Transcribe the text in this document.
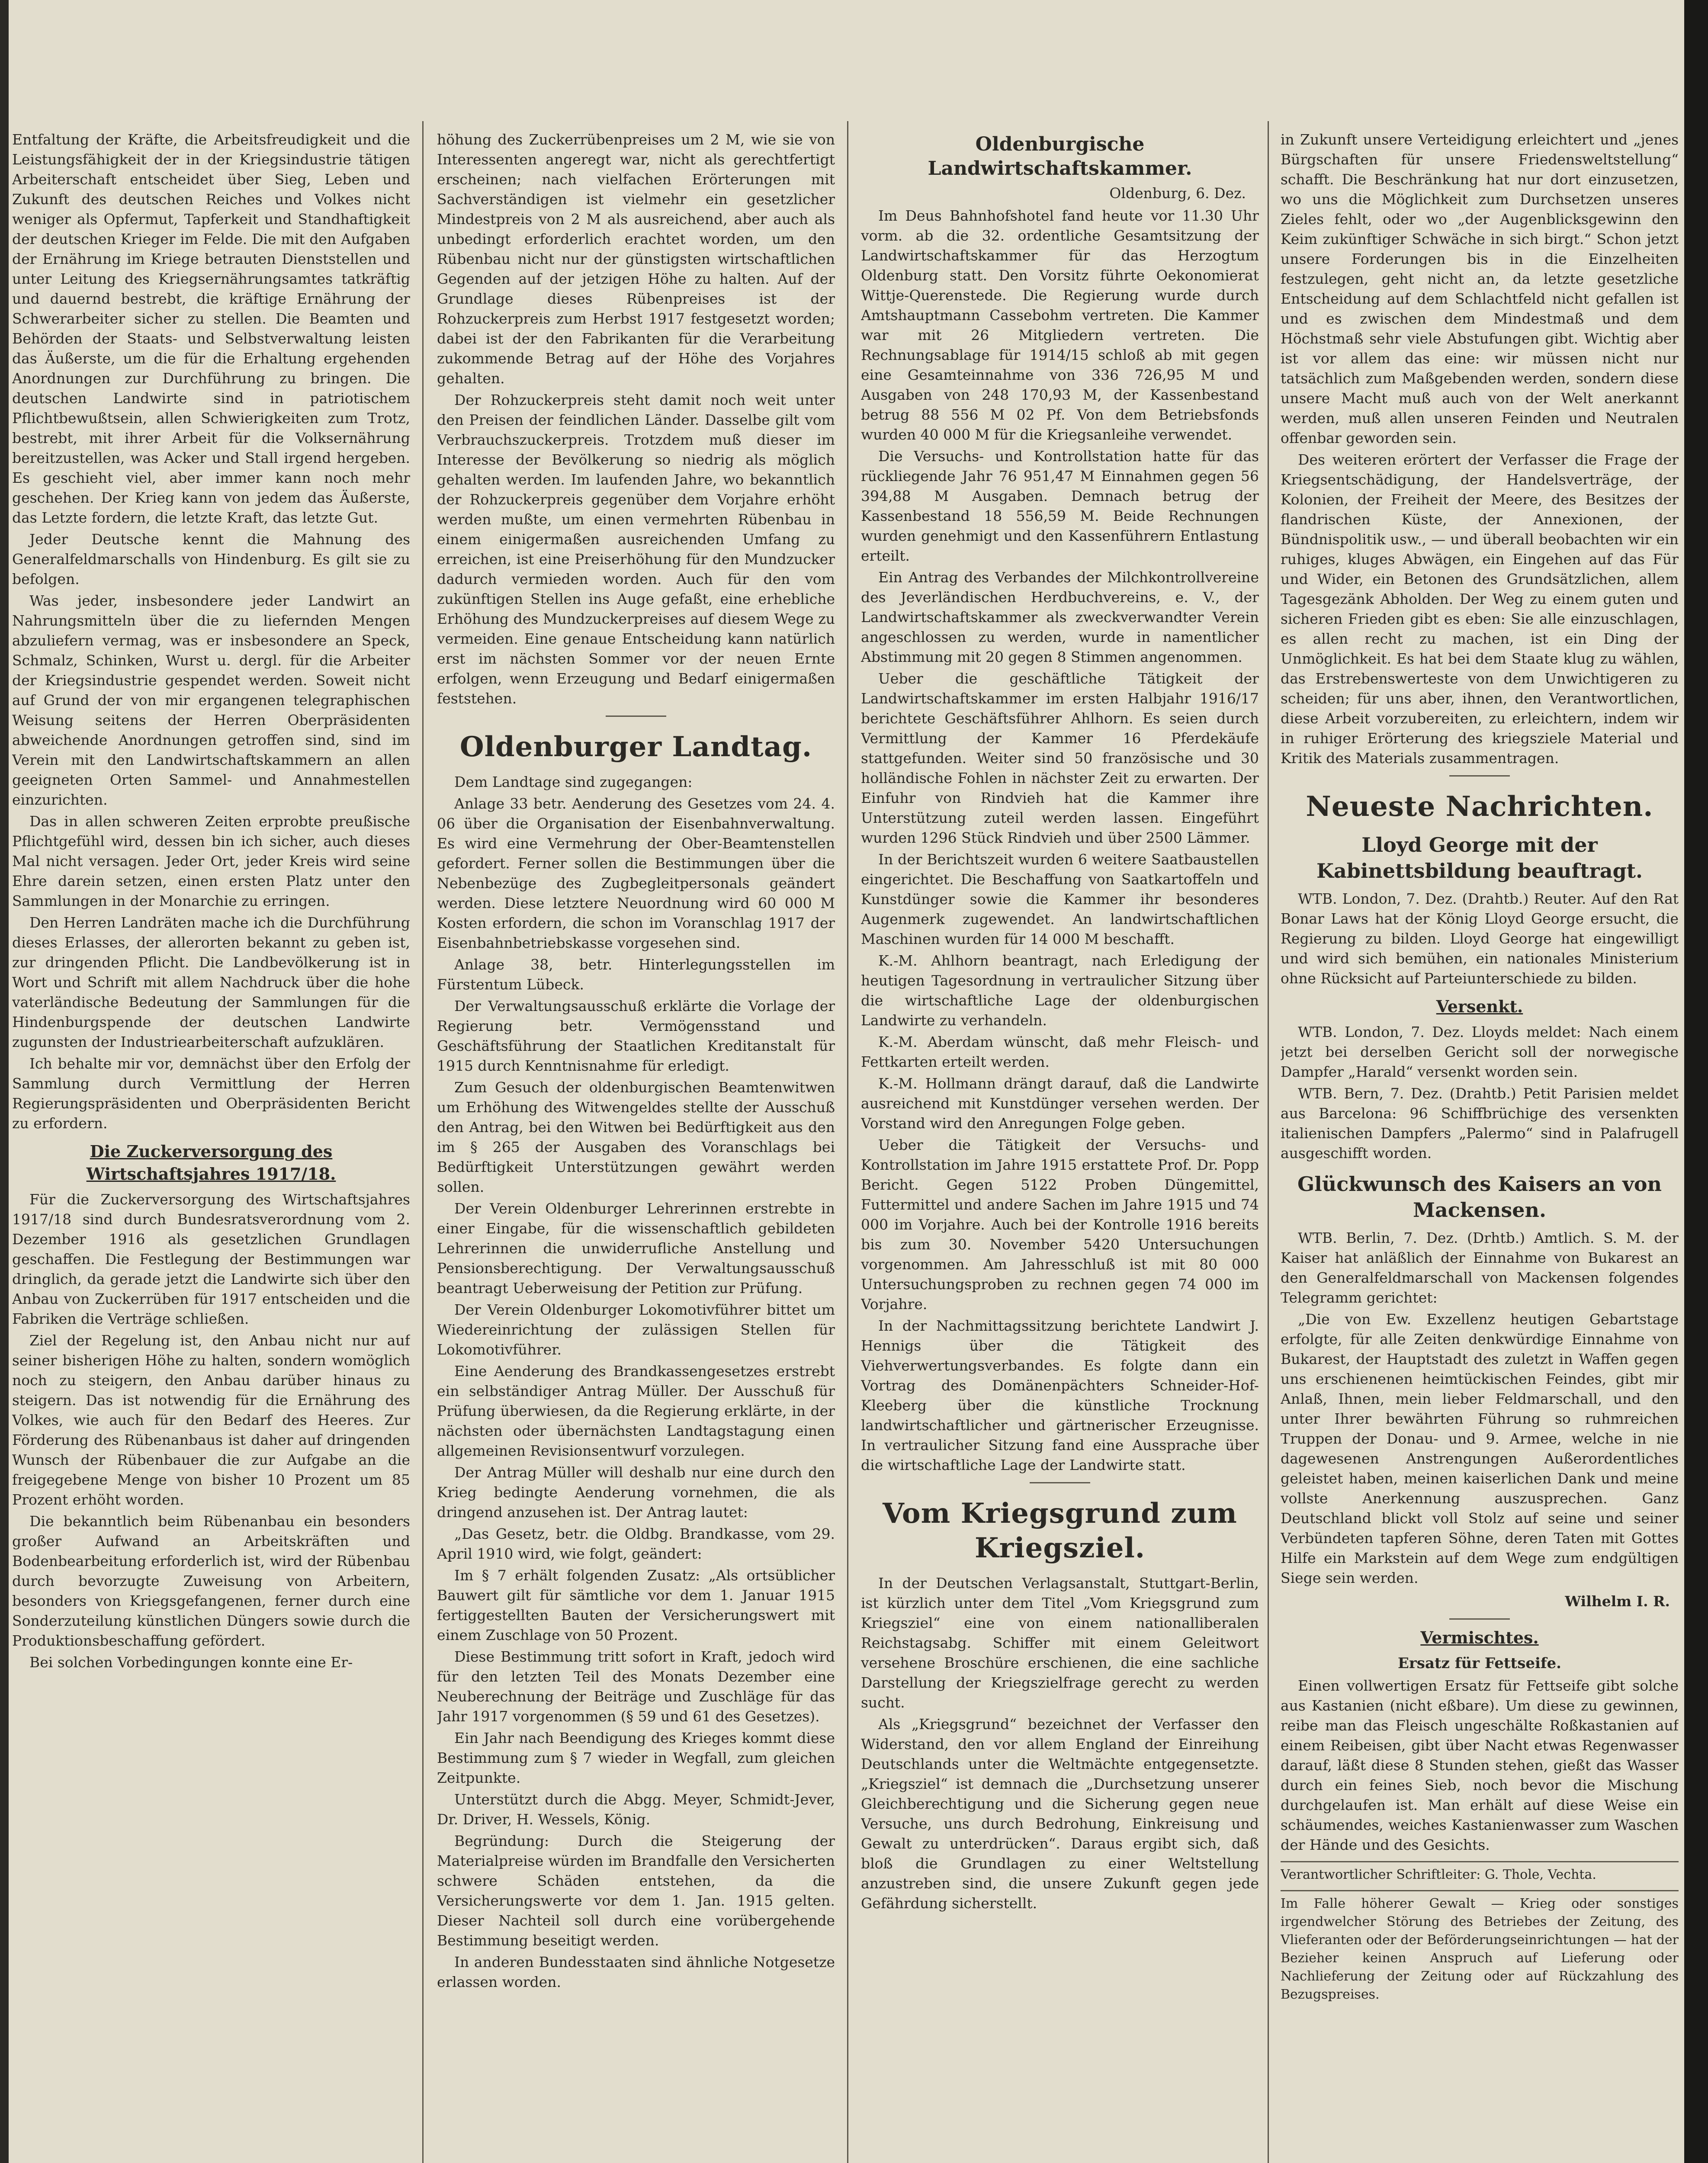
Entfaltung der Kräfte, die Arbeitsfreudigkeit und die Leistungsfähigkeit der in der Kriegsindustrie tätigen Arbeiterschaft entscheidet über Sieg, Leben und Zukunft des deutschen Reiches und Volkes nicht weniger als Opfermut, Tapferkeit und Standhaftigkeit der deutschen Krieger im Felde. Die mit den Aufgaben der Ernährung im Kriege betrauten Dienststellen und unter Leitung des Kriegsernährungsamtes tatkräftig und dauernd bestrebt, die kräftige Ernährung der Schwerarbeiter sicher zu stellen. Die Beamten und Behörden der Staats- und Selbstverwaltung leisten das Äußerste, um die für die Erhaltung ergehenden Anordnungen zur Durchführung zu bringen. Die deutschen Landwirte sind in patriotischem Pflichtbewußtsein, allen Schwierigkeiten zum Trotz, bestrebt, mit ihrer Arbeit für die Volksernährung bereitzustellen, was Acker und Stall irgend hergeben. Es geschieht viel, aber immer kann noch mehr geschehen. Der Krieg kann von jedem das Äußerste, das Letzte fordern, die letzte Kraft, das letzte Gut.

Jeder Deutsche kennt die Mahnung des Generalfeldmarschalls von Hindenburg. Es gilt sie zu befolgen.

Was jeder, insbesondere jeder Landwirt an Nahrungsmitteln über die zu liefernden Mengen abzuliefern vermag, was er insbesondere an Speck, Schmalz, Schinken, Wurst u. dergl. für die Arbeiter der Kriegsindustrie gespendet werden. Soweit nicht auf Grund der von mir ergangenen telegraphischen Weisung seitens der Herren Oberpräsidenten abweichende Anordnungen getroffen sind, sind im Verein mit den Landwirtschaftskammern an allen geeigneten Orten Sammel- und Annahmestellen einzurichten.

Das in allen schweren Zeiten erprobte preußische Pflichtgefühl wird, dessen bin ich sicher, auch dieses Mal nicht versagen. Jeder Ort, jeder Kreis wird seine Ehre darein setzen, einen ersten Platz unter den Sammlungen in der Monarchie zu erringen.

Den Herren Landräten mache ich die Durchführung dieses Erlasses, der allerorten bekannt zu geben ist, zur dringenden Pflicht. Die Landbevölkerung ist in Wort und Schrift mit allem Nachdruck über die hohe vaterländische Bedeutung der Sammlungen für die Hindenburgspende der deutschen Landwirte zugunsten der Industriearbeiterschaft aufzuklären.

Ich behalte mir vor, demnächst über den Erfolg der Sammlung durch Vermittlung der Herren Regierungspräsidenten und Oberpräsidenten Bericht zu erfordern.

Die Zuckerversorgung des Wirtschaftsjahres 1917/18.

Für die Zuckerversorgung des Wirtschaftsjahres 1917/18 sind durch Bundesratsverordnung vom 2. Dezember 1916 als gesetzlichen Grundlagen geschaffen. Die Festlegung der Bestimmungen war dringlich, da gerade jetzt die Landwirte sich über den Anbau von Zuckerrüben für 1917 entscheiden und die Fabriken die Verträge schließen.

Ziel der Regelung ist, den Anbau nicht nur auf seiner bisherigen Höhe zu halten, sondern womöglich noch zu steigern, den Anbau darüber hinaus zu steigern. Das ist notwendig für die Ernährung des Volkes, wie auch für den Bedarf des Heeres. Zur Förderung des Rübenanbaus ist daher auf dringenden Wunsch der Rübenbauer die zur Aufgabe an die freigegebene Menge von bisher 10 Prozent um 85 Prozent erhöht worden.

Die bekanntlich beim Rübenanbau ein besonders großer Aufwand an Arbeitskräften und Bodenbearbeitung erforderlich ist, wird der Rübenbau durch bevorzugte Zuweisung von Arbeitern, besonders von Kriegsgefangenen, ferner durch eine Sonderzuteilung künstlichen Düngers sowie durch die Produktionsbeschaffung gefördert.

Bei solchen Vorbedingungen konnte eine Er-

höhung des Zuckerrübenpreises um 2 M, wie sie von Interessenten angeregt war, nicht als gerechtfertigt erscheinen; nach vielfachen Erörterungen mit Sachverständigen ist vielmehr ein gesetzlicher Mindestpreis von 2 M als ausreichend, aber auch als unbedingt erforderlich erachtet worden, um den Rübenbau nicht nur der günstigsten wirtschaftlichen Gegenden auf der jetzigen Höhe zu halten. Auf der Grundlage dieses Rübenpreises ist der Rohzuckerpreis zum Herbst 1917 festgesetzt worden; dabei ist der den Fabrikanten für die Verarbeitung zukommende Betrag auf der Höhe des Vorjahres gehalten.

Der Rohzuckerpreis steht damit noch weit unter den Preisen der feindlichen Länder. Dasselbe gilt vom Verbrauchszuckerpreis. Trotzdem muß dieser im Interesse der Bevölkerung so niedrig als möglich gehalten werden. Im laufenden Jahre, wo bekanntlich der Rohzuckerpreis gegenüber dem Vorjahre erhöht werden mußte, um einen vermehrten Rübenbau in einem einigermaßen ausreichenden Umfang zu erreichen, ist eine Preiserhöhung für den Mundzucker dadurch vermieden worden. Auch für den vom zukünftigen Stellen ins Auge gefaßt, eine erhebliche Erhöhung des Mundzuckerpreises auf diesem Wege zu vermeiden. Eine genaue Entscheidung kann natürlich erst im nächsten Sommer vor der neuen Ernte erfolgen, wenn Erzeugung und Bedarf einigermaßen feststehen.

Oldenburger Landtag.

Dem Landtage sind zugegangen:

Anlage 33 betr. Aenderung des Gesetzes vom 24. 4. 06 über die Organisation der Eisenbahnverwaltung. Es wird eine Vermehrung der Ober-Beamtenstellen gefordert. Ferner sollen die Bestimmungen über die Nebenbezüge des Zugbegleitpersonals geändert werden. Diese letztere Neuordnung wird 60 000 M Kosten erfordern, die schon im Voranschlag 1917 der Eisenbahnbetriebskasse vorgesehen sind.

Anlage 38, betr. Hinterlegungsstellen im Fürstentum Lübeck.

Der Verwaltungsausschuß erklärte die Vorlage der Regierung betr. Vermögensstand und Geschäftsführung der Staatlichen Kreditanstalt für 1915 durch Kenntnisnahme für erledigt.

Zum Gesuch der oldenburgischen Beamtenwitwen um Erhöhung des Witwengeldes stellte der Ausschuß den Antrag, bei den Witwen bei Bedürftigkeit aus den im § 265 der Ausgaben des Voranschlags bei Bedürftigkeit Unterstützungen gewährt werden sollen.

Der Verein Oldenburger Lehrerinnen erstrebte in einer Eingabe, für die wissenschaftlich gebildeten Lehrerinnen die unwiderrufliche Anstellung und Pensionsberechtigung. Der Verwaltungsausschuß beantragt Ueberweisung der Petition zur Prüfung.

Der Verein Oldenburger Lokomotivführer bittet um Wiedereinrichtung der zulässigen Stellen für Lokomotivführer.

Eine Aenderung des Brandkassengesetzes erstrebt ein selbständiger Antrag Müller. Der Ausschuß für Prüfung überwiesen, da die Regierung erklärte, in der nächsten oder übernächsten Landtagstagung einen allgemeinen Revisionsentwurf vorzulegen.

Der Antrag Müller will deshalb nur eine durch den Krieg bedingte Aenderung vornehmen, die als dringend anzusehen ist. Der Antrag lautet:

„Das Gesetz, betr. die Oldbg. Brandkasse, vom 29. April 1910 wird, wie folgt, geändert:

Im § 7 erhält folgenden Zusatz: „Als ortsüblicher Bauwert gilt für sämtliche vor dem 1. Januar 1915 fertiggestellten Bauten der Versicherungswert mit einem Zuschlage von 50 Prozent.

Diese Bestimmung tritt sofort in Kraft, jedoch wird für den letzten Teil des Monats Dezember eine Neuberechnung der Beiträge und Zuschläge für das Jahr 1917 vorgenommen (§ 59 und 61 des Gesetzes).

Ein Jahr nach Beendigung des Krieges kommt diese Bestimmung zum § 7 wieder in Wegfall, zum gleichen Zeitpunkte.

Unterstützt durch die Abgg. Meyer, Schmidt-Jever, Dr. Driver, H. Wessels, König.

Begründung: Durch die Steigerung der Materialpreise würden im Brandfalle den Versicherten schwere Schäden entstehen, da die Versicherungswerte vor dem 1. Jan. 1915 gelten. Dieser Nachteil soll durch eine vorübergehende Bestimmung beseitigt werden.

In anderen Bundesstaaten sind ähnliche Notgesetze erlassen worden.

Oldenburgische Landwirtschaftskammer.
Oldenburg, 6. Dez.

Im Deus Bahnhofshotel fand heute vor 11.30 Uhr vorm. ab die 32. ordentliche Gesamtsitzung der Landwirtschaftskammer für das Herzogtum Oldenburg statt. Den Vorsitz führte Oekonomierat Wittje-Querenstede. Die Regierung wurde durch Amtshauptmann Cassebohm vertreten. Die Kammer war mit 26 Mitgliedern vertreten. Die Rechnungsablage für 1914/15 schloß ab mit gegen eine Gesamteinnahme von 336 726,95 M und Ausgaben von 248 170,93 M, der Kassenbestand betrug 88 556 M 02 Pf. Von dem Betriebsfonds wurden 40 000 M für die Kriegsanleihe verwendet.

Die Versuchs- und Kontrollstation hatte für das rückliegende Jahr 76 951,47 M Einnahmen gegen 56 394,88 M Ausgaben. Demnach betrug der Kassenbestand 18 556,59 M. Beide Rechnungen wurden genehmigt und den Kassenführern Entlastung erteilt.

Ein Antrag des Verbandes der Milchkontrollvereine des Jeverländischen Herdbuchvereins, e. V., der Landwirtschaftskammer als zweckverwandter Verein angeschlossen zu werden, wurde in namentlicher Abstimmung mit 20 gegen 8 Stimmen angenommen.

Ueber die geschäftliche Tätigkeit der Landwirtschaftskammer im ersten Halbjahr 1916/17 berichtete Geschäftsführer Ahlhorn. Es seien durch Vermittlung der Kammer 16 Pferdekäufe stattgefunden. Weiter sind 50 französische und 30 holländische Fohlen in nächster Zeit zu erwarten. Der Einfuhr von Rindvieh hat die Kammer ihre Unterstützung zuteil werden lassen. Eingeführt wurden 1296 Stück Rindvieh und über 2500 Lämmer.

In der Berichtszeit wurden 6 weitere Saatbaustellen eingerichtet. Die Beschaffung von Saatkartoffeln und Kunstdünger sowie die Kammer ihr besonderes Augenmerk zugewendet. An landwirtschaftlichen Maschinen wurden für 14 000 M beschafft.

K.-M. Ahlhorn beantragt, nach Erledigung der heutigen Tagesordnung in vertraulicher Sitzung über die wirtschaftliche Lage der oldenburgischen Landwirte zu verhandeln.

K.-M. Aberdam wünscht, daß mehr Fleisch- und Fettkarten erteilt werden.

K.-M. Hollmann drängt darauf, daß die Landwirte ausreichend mit Kunstdünger versehen werden. Der Vorstand wird den Anregungen Folge geben.

Ueber die Tätigkeit der Versuchs- und Kontrollstation im Jahre 1915 erstattete Prof. Dr. Popp Bericht. Gegen 5122 Proben Düngemittel, Futtermittel und andere Sachen im Jahre 1915 und 74 000 im Vorjahre. Auch bei der Kontrolle 1916 bereits bis zum 30. November 5420 Untersuchungen vorgenommen. Am Jahresschluß ist mit 80 000 Untersuchungsproben zu rechnen gegen 74 000 im Vorjahre.

In der Nachmittagssitzung berichtete Landwirt J. Hennigs über die Tätigkeit des Viehverwertungsverbandes. Es folgte dann ein Vortrag des Domänenpächters Schneider-Hof-Kleeberg über die künstliche Trocknung landwirtschaftlicher und gärtnerischer Erzeugnisse. In vertraulicher Sitzung fand eine Aussprache über die wirtschaftliche Lage der Landwirte statt.

Vom Kriegsgrund zum Kriegsziel.

In der Deutschen Verlagsanstalt, Stuttgart-Berlin, ist kürzlich unter dem Titel „Vom Kriegsgrund zum Kriegsziel“ eine von einem nationalliberalen Reichstagsabg. Schiffer mit einem Geleitwort versehene Broschüre erschienen, die eine sachliche Darstellung der Kriegszielfrage gerecht zu werden sucht.

Als „Kriegsgrund“ bezeichnet der Verfasser den Widerstand, den vor allem England der Einreihung Deutschlands unter die Weltmächte entgegensetzte. „Kriegsziel“ ist demnach die „Durchsetzung unserer Gleichberechtigung und die Sicherung gegen neue Versuche, uns durch Bedrohung, Einkreisung und Gewalt zu unterdrücken“. Daraus ergibt sich, daß bloß die Grundlagen zu einer Weltstellung anzustreben sind, die unsere Zukunft gegen jede Gefährdung sicherstellt.

in Zukunft unsere Verteidigung erleichtert und „jenes Bürgschaften für unsere Friedensweltstellung“ schafft. Die Beschränkung hat nur dort einzusetzen, wo uns die Möglichkeit zum Durchsetzen unseres Zieles fehlt, oder wo „der Augenblicksgewinn den Keim zukünftiger Schwäche in sich birgt.“ Schon jetzt unsere Forderungen bis in die Einzelheiten festzulegen, geht nicht an, da letzte gesetzliche Entscheidung auf dem Schlachtfeld nicht gefallen ist und es zwischen dem Mindestmaß und dem Höchstmaß sehr viele Abstufungen gibt. Wichtig aber ist vor allem das eine: wir müssen nicht nur tatsächlich zum Maßgebenden werden, sondern diese unsere Macht muß auch von der Welt anerkannt werden, muß allen unseren Feinden und Neutralen offenbar geworden sein.

Des weiteren erörtert der Verfasser die Frage der Kriegsentschädigung, der Handelsverträge, der Kolonien, der Freiheit der Meere, des Besitzes der flandrischen Küste, der Annexionen, der Bündnispolitik usw., — und überall beobachten wir ein ruhiges, kluges Abwägen, ein Eingehen auf das Für und Wider, ein Betonen des Grundsätzlichen, allem Tagesgezänk Abholden. Der Weg zu einem guten und sicheren Frieden gibt es eben: Sie alle einzuschlagen, es allen recht zu machen, ist ein Ding der Unmöglichkeit. Es hat bei dem Staate klug zu wählen, das Erstrebenswerteste von dem Unwichtigeren zu scheiden; für uns aber, ihnen, den Verantwortlichen, diese Arbeit vorzubereiten, zu erleichtern, indem wir in ruhiger Erörterung des kriegsziele Material und Kritik des Materials zusammentragen.

Neueste Nachrichten.
Lloyd George mit der Kabinettsbildung beauftragt.

WTB. London, 7. Dez. (Drahtb.) Reuter. Auf den Rat Bonar Laws hat der König Lloyd George ersucht, die Regierung zu bilden. Lloyd George hat eingewilligt und wird sich bemühen, ein nationales Ministerium ohne Rücksicht auf Parteiunterschiede zu bilden.

Versenkt.

WTB. London, 7. Dez. Lloyds meldet: Nach einem jetzt bei derselben Gericht soll der norwegische Dampfer „Harald“ versenkt worden sein.

WTB. Bern, 7. Dez. (Drahtb.) Petit Parisien meldet aus Barcelona: 96 Schiffbrüchige des versenkten italienischen Dampfers „Palermo“ sind in Palafrugell ausgeschifft worden.

Glückwunsch des Kaisers an von Mackensen.

WTB. Berlin, 7. Dez. (Drhtb.) Amtlich. S. M. der Kaiser hat anläßlich der Einnahme von Bukarest an den Generalfeldmarschall von Mackensen folgendes Telegramm gerichtet:

„Die von Ew. Exzellenz heutigen Gebartstage erfolgte, für alle Zeiten denkwürdige Einnahme von Bukarest, der Hauptstadt des zuletzt in Waffen gegen uns erschienenen heimtückischen Feindes, gibt mir Anlaß, Ihnen, mein lieber Feldmarschall, und den unter Ihrer bewährten Führung so ruhmreichen Truppen der Donau- und 9. Armee, welche in nie dagewesenen Anstrengungen Außerordentliches geleistet haben, meinen kaiserlichen Dank und meine vollste Anerkennung auszusprechen. Ganz Deutschland blickt voll Stolz auf seine und seiner Verbündeten tapferen Söhne, deren Taten mit Gottes Hilfe ein Markstein auf dem Wege zum endgültigen Siege sein werden.

Wilhelm I. R.
Vermischtes.
Ersatz für Fettseife.

Einen vollwertigen Ersatz für Fettseife gibt solche aus Kastanien (nicht eßbare). Um diese zu gewinnen, reibe man das Fleisch ungeschälte Roßkastanien auf einem Reibeisen, gibt über Nacht etwas Regenwasser darauf, läßt diese 8 Stunden stehen, gießt das Wasser durch ein feines Sieb, noch bevor die Mischung durchgelaufen ist. Man erhält auf diese Weise ein schäumendes, weiches Kastanienwasser zum Waschen der Hände und des Gesichts.

Verantwortlicher Schriftleiter: G. Thole, Vechta.
Im Falle höherer Gewalt — Krieg oder sonstiges irgendwelcher Störung des Betriebes der Zeitung, des Vlieferanten oder der Beförderungseinrichtungen — hat der Bezieher keinen Anspruch auf Lieferung oder Nachlieferung der Zeitung oder auf Rückzahlung des Bezugspreises.
